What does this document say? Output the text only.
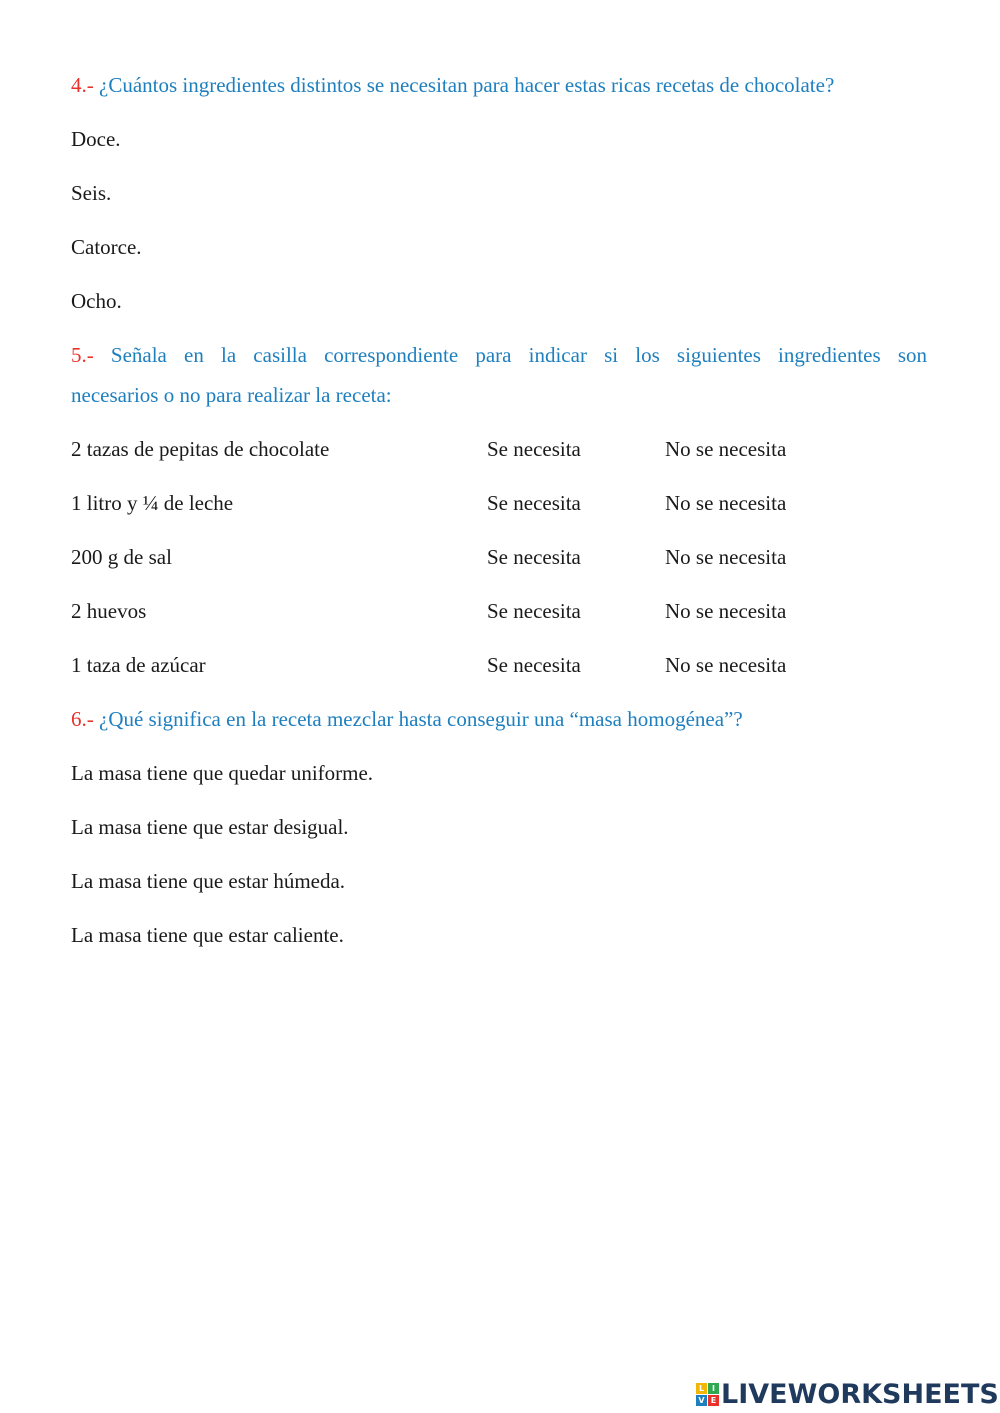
4.- ¿Cuántos ingredientes distintos se necesitan para hacer estas ricas recetas de chocolate?
Doce.
Seis.
Catorce.
Ocho.
5.- Señala en la casilla correspondiente para indicar si los siguientes ingredientes son
necesarios o no para realizar la receta:
2 tazas de pepitas de chocolate	Se necesita	No se necesita
1 litro y ¼ de leche	Se necesita	No se necesita
200 g de sal	Se necesita	No se necesita
2 huevos	Se necesita	No se necesita
1 taza de azúcar	Se necesita	No se necesita
6.- ¿Qué significa en la receta mezclar hasta conseguir una “masa homogénea”?
La masa tiene que quedar uniforme.
La masa tiene que estar desigual.
La masa tiene que estar húmeda.
La masa tiene que estar caliente.
L I
V E LIVEWORKSHEETS
